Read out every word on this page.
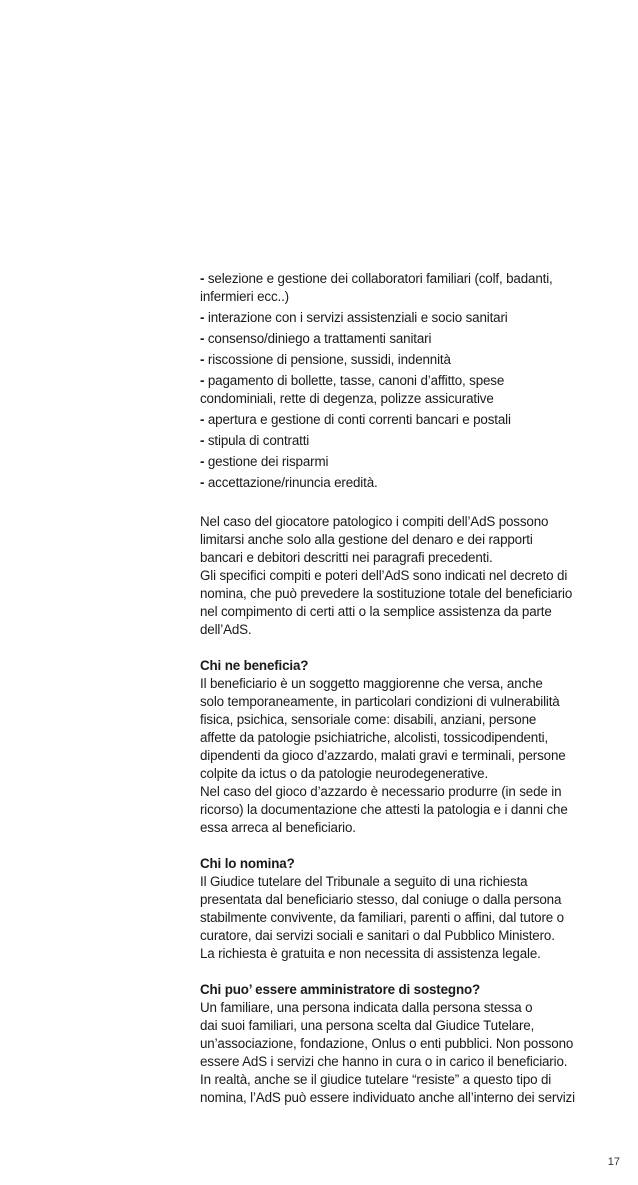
- selezione e gestione dei collaboratori familiari (colf, badanti,
infermieri ecc..)
- interazione con i servizi assistenziali e socio sanitari
- consenso/diniego a trattamenti sanitari
- riscossione di pensione, sussidi, indennità
- pagamento di bollette, tasse, canoni d’affitto, spese
condominiali, rette di degenza, polizze assicurative
- apertura e gestione di conti correnti bancari e postali
- stipula di contratti
- gestione dei risparmi
- accettazione/rinuncia eredità.
Nel caso del giocatore patologico i compiti dell’AdS possono
limitarsi anche solo alla gestione del denaro e dei rapporti
bancari e debitori descritti nei paragrafi precedenti.
Gli specifici compiti e poteri dell’AdS sono indicati nel decreto di
nomina, che può prevedere la sostituzione totale del beneficiario
nel compimento di certi atti o la semplice assistenza da parte
dell’AdS.
Chi ne beneficia?
Il beneficiario è un soggetto maggiorenne che versa, anche
solo temporaneamente, in particolari condizioni di vulnerabilità
fisica, psichica, sensoriale come: disabili, anziani, persone
affette da patologie psichiatriche, alcolisti, tossicodipendenti,
dipendenti da gioco d’azzardo, malati gravi e terminali, persone
colpite da ictus o da patologie neurodegenerative.
Nel caso del gioco d’azzardo è necessario produrre (in sede in
ricorso) la documentazione che attesti la patologia e i danni che
essa arreca al beneficiario.
Chi lo nomina?
Il Giudice tutelare del Tribunale a seguito di una richiesta
presentata dal beneficiario stesso, dal coniuge o dalla persona
stabilmente convivente, da familiari, parenti o affini, dal tutore o
curatore, dai servizi sociali e sanitari o dal Pubblico Ministero.
La richiesta è gratuita e non necessita di assistenza legale.
Chi puo’ essere amministratore di sostegno?
Un familiare, una persona indicata dalla persona stessa o
dai suoi familiari, una persona scelta dal Giudice Tutelare,
un’associazione, fondazione, Onlus o enti pubblici. Non possono
essere AdS i servizi che hanno in cura o in carico il beneficiario.
In realtà, anche se il giudice tutelare “resiste” a questo tipo di
nomina, l’AdS può essere individuato anche all’interno dei servizi
17
